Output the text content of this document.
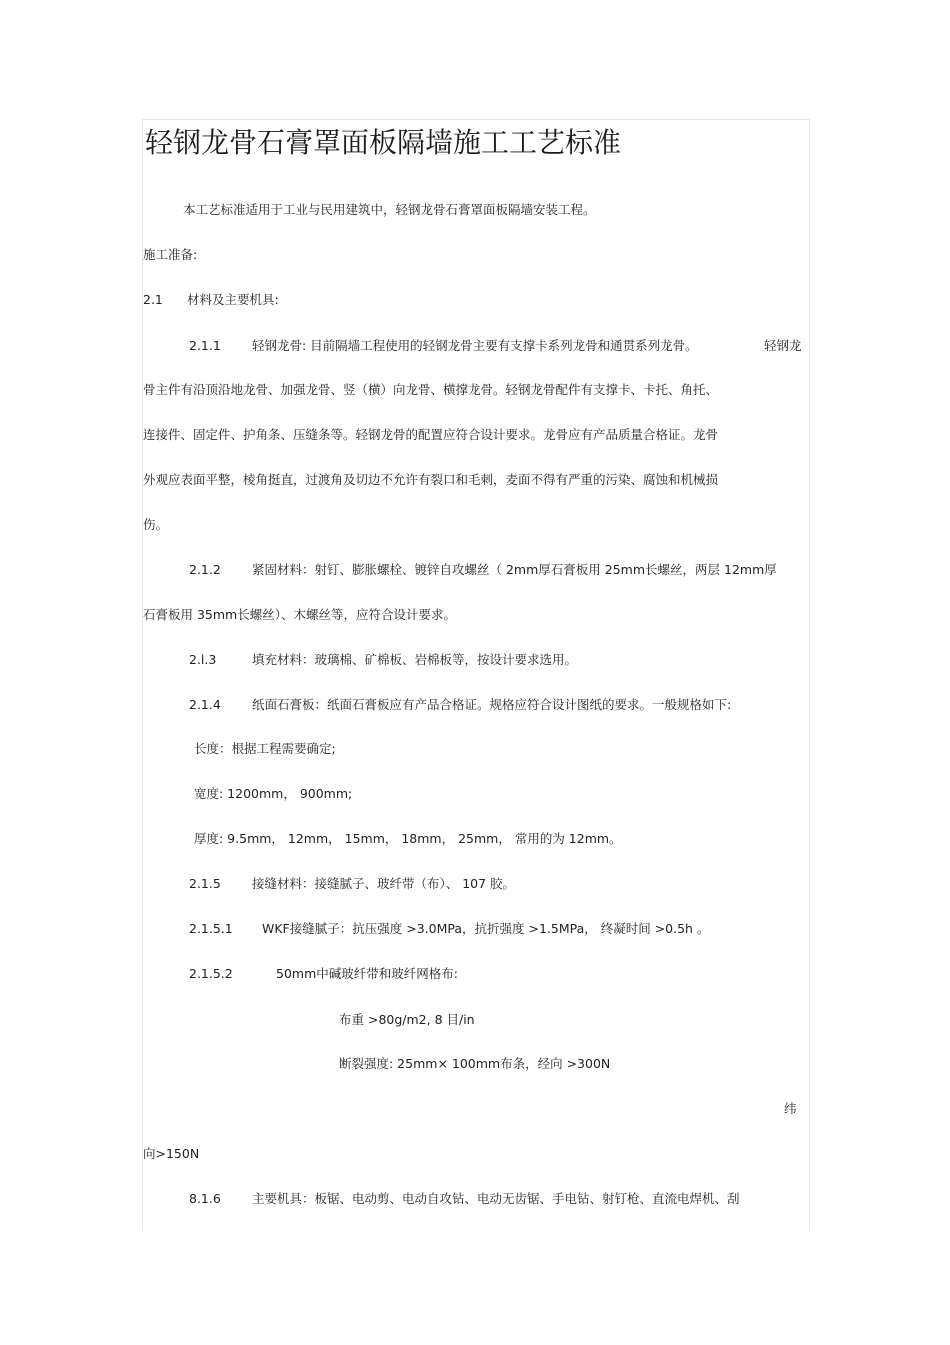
轻钢龙骨石膏罩面板隔墙施工工艺标准
本工艺标准适用于工业与民用建筑中，轻钢龙骨石膏罩面板隔墙安装工程。
施工准备:
2.1 材料及主要机具:
2.1.1 轻钢龙骨: 目前隔墙工程使用的轻钢龙骨主要有支撑卡系列龙骨和通贯系列龙骨。	轻钢龙
骨主件有沿顶沿地龙骨、加强龙骨、竖（横）向龙骨、横撑龙骨。轻钢龙骨配件有支撑卡、卡托、角托、
连接件、固定件、护角条、压缝条等。轻钢龙骨的配置应符合设计要求。龙骨应有产品质量合格证。龙骨
外观应表面平整，棱角挺直，过渡角及切边不允许有裂口和毛刺，麦面不得有严重的污染、腐蚀和机械损
伤。
2.1.2 紧固材料：射钉、膨胀螺栓、镀锌自攻螺丝（ 2mm厚石膏板用 25mm长螺丝，两层 12mm厚
石膏板用 35mm长螺丝）、木螺丝等，应符合设计要求。
2.l.3	填充材料：玻璃棉、矿棉板、岩棉板等，按设计要求选用。
2.1.4 纸面石膏板：纸面石膏板应有产品合格证。规格应符合设计图纸的要求。一般规格如下:
长度：根据工程需要确定;
宽度: 1200mm， 900mm;
厚度: 9.5mm， 12mm， 15mm， 18mm， 25mm， 常用的为 12mm。
2.1.5 接缝材料：接缝腻子、玻纤带（布）、 107 胶。
2.1.5.1 WKF接缝腻子：抗压强度 >3.0MPa，抗折强度 >1.5MPa， 终凝时间 >0.5h 。
2.1.5.2	50mm中碱玻纤带和玻纤网格布:
布重 >80g/m2, 8 目/in
断裂强度: 25mm× 100mm布条，经向 >300N
纬
向>150N
8.1.6 主要机具：板锯、电动剪、电动自攻钻、电动无齿锯、手电钻、射钉枪、直流电焊机、刮
